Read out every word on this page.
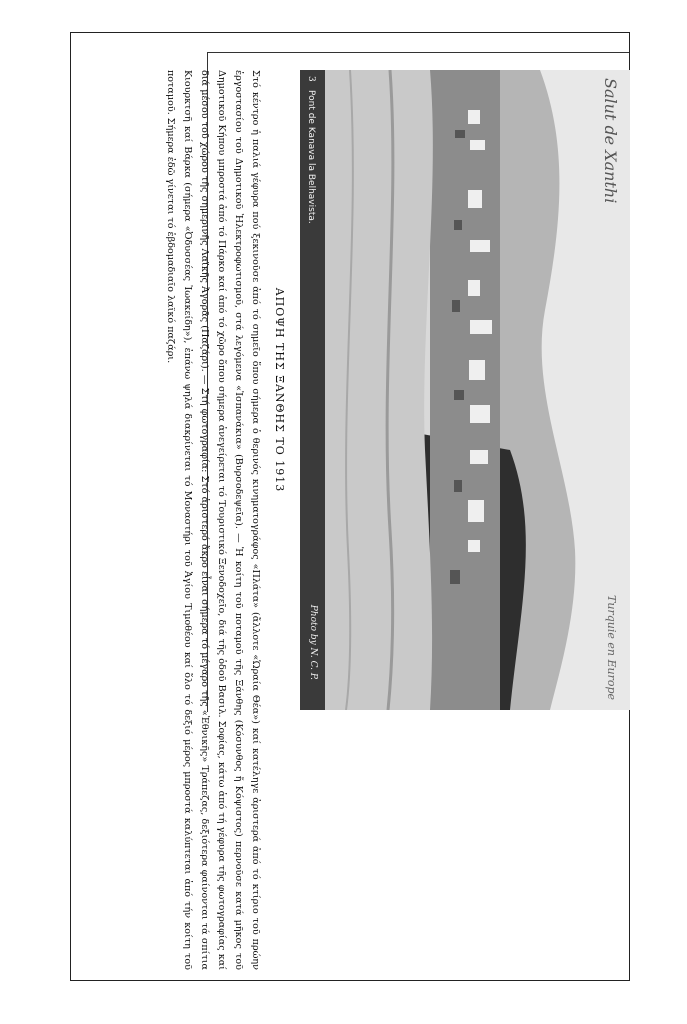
Salut de Xanthi
Turquie en Europe
3
Pont de Kanava la Belhavista.
Photo by N. C. P.
ΑΠΟΨΗ ΤΗΣ ΞΑΝΘΗΣ ΤΟ 1913
Στό κέντρο ἡ παλιά γέφυρα πού ξεκινοῦσε ἀπό τό σημεῖο ὅπου σήμερα ὁ θερινός κινηματογράφος «Πλάτα» (ἄλλοτε «Ὡραία Θέα») καί κατέληγε ἀριστερά ἀπό τό κτίριο τοῦ πρώην ἐργοστασίου τοῦ Δημοτικοῦ Ἠλεκτροφωτισμοῦ, στά λεγόμενα «Ἰσπανάκια» (Βυρσοδεψεῖα). — Ἡ κοίτη τοῦ ποταμοῦ τῆς Ξάνθης (Κόσυνθος ἤ Κόψιστος) περνοῦσε κατά μῆκος τοῦ Δημοτικοῦ Κήπου μπροστά ἀπό τό Πάρκο καί ἀπό τό χῶρο ὅπου σήμερα ἀνεγείρεται τό Τουριστικό Ξενοδοχεῖο, διά τῆς ὁδοῦ Βασιλ. Σοφίας, κάτω ἀπό τή γέφυρα τῆς φωτογραφίας καί διά μέσου τοῦ χώρου τῆς σημερινῆς Λαϊκῆς Ἀγορᾶς (Παζάρι). — Στή φωτογραφία: Στό ἀριστερό ἄκρο εἶναι σήμερα τό μέγαρο τῆς «Ἐθνικῆς» Τράπεζας, δεξιότερα φαίνονται τά σπίτια Κιουρκτσῆ καί Βάρκα (σήμερα «Ὀδυσσέας Ἰωακείδη»), ἐπάνω ψηλά διακρίνεται τό Μοναστήρι τοῦ Ἁγίου Τιμοθέου καί ὅλο τό δεξιό μέρος μπροστά καλύπτεται ἀπό τήν κοίτη τοῦ ποταμοῦ. Σήμερα ἐδῶ γίνεται τό ἑβδομαδιαῖο λαϊκό παζάρι.
